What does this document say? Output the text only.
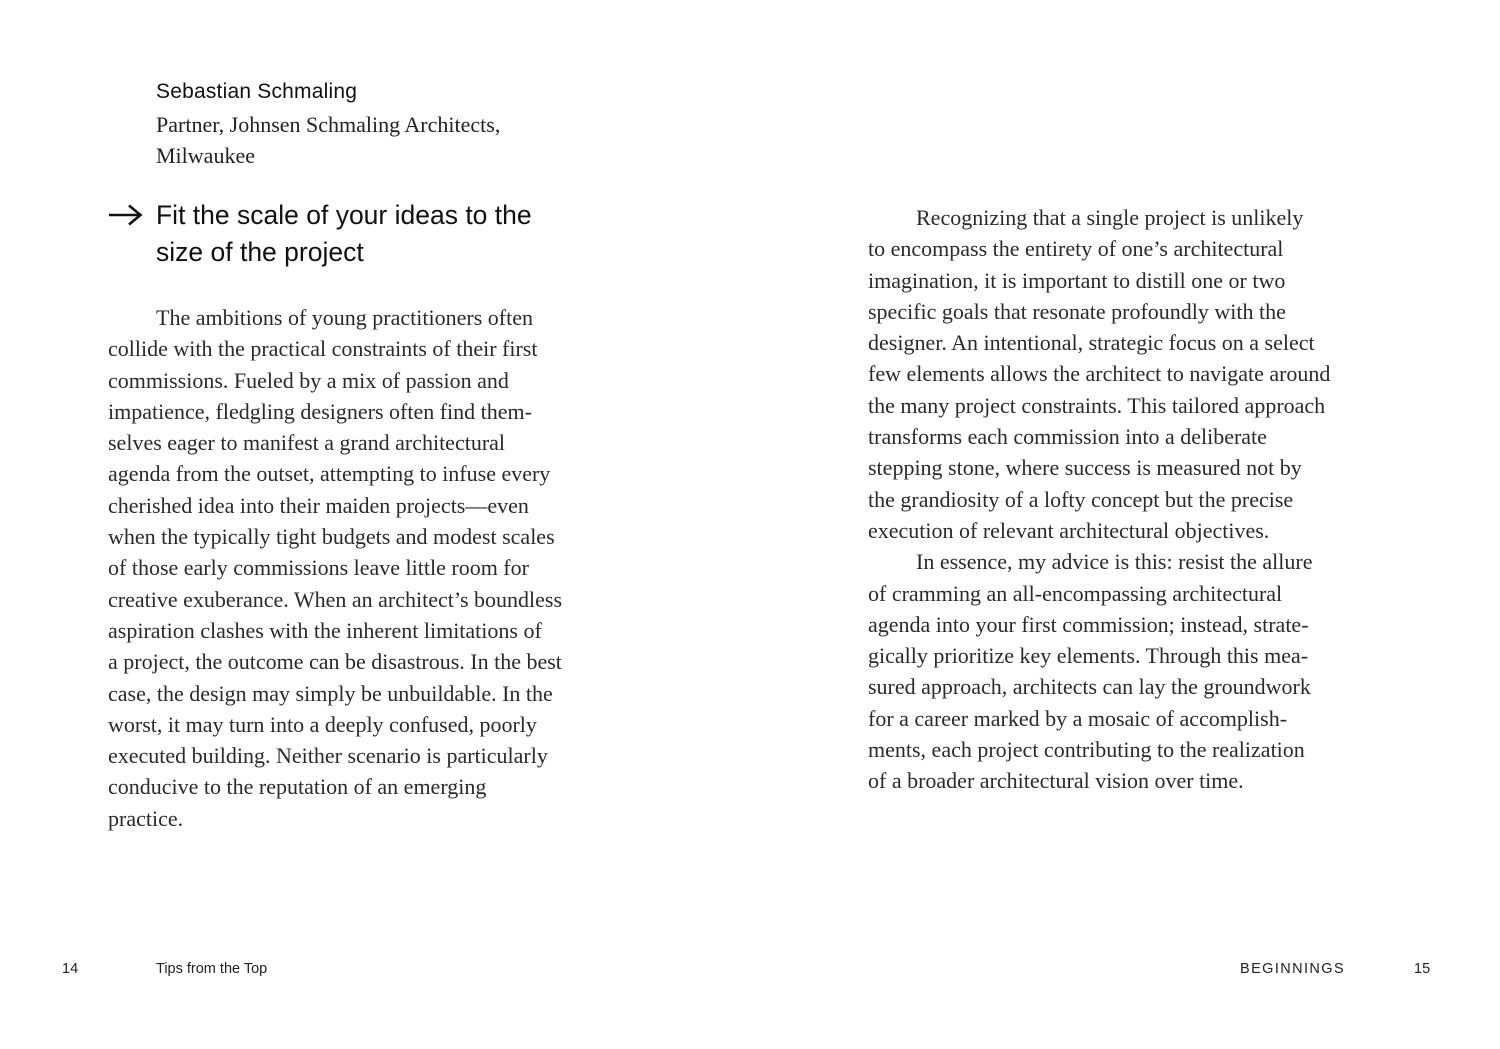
Sebastian Schmaling
Partner, Johnsen Schmaling Architects,
Milwaukee
Fit the scale of your ideas to the
size of the project

The ambitions of young practitioners often

collide with the practical constraints of their first
commissions. Fueled by a mix of passion and
impatience, fledgling designers often find them-
selves eager to manifest a grand architectural
agenda from the outset, attempting to infuse every
cherished idea into their maiden projects—even
when the typically tight budgets and modest scales
of those early commissions leave little room for
creative exuberance. When an architect’s boundless
aspiration clashes with the inherent limitations of
a project, the outcome can be disastrous. In the best
case, the design may simply be unbuildable. In the
worst, it may turn into a deeply confused, poorly
executed building. Neither scenario is particularly
conducive to the reputation of an emerging
practice.
14	Tips from the Top

Recognizing that a single project is unlikely

to encompass the entirety of one’s architectural
imagination, it is important to distill one or two
specific goals that resonate profoundly with the
designer. An intentional, strategic focus on a select
few elements allows the architect to navigate around
the many project constraints. This tailored approach
transforms each commission into a deliberate
stepping stone, where success is measured not by
the grandiosity of a lofty concept but the precise
execution of relevant architectural objectives.

In essence, my advice is this: resist the allure

of cramming an all-encompassing architectural
agenda into your first commission; instead, strate-
gically prioritize key elements. Through this mea-
sured approach, architects can lay the groundwork
for a career marked by a mosaic of accomplish-
ments, each project contributing to the realization
of a broader architectural vision over time.
BEGINNINGS	15
